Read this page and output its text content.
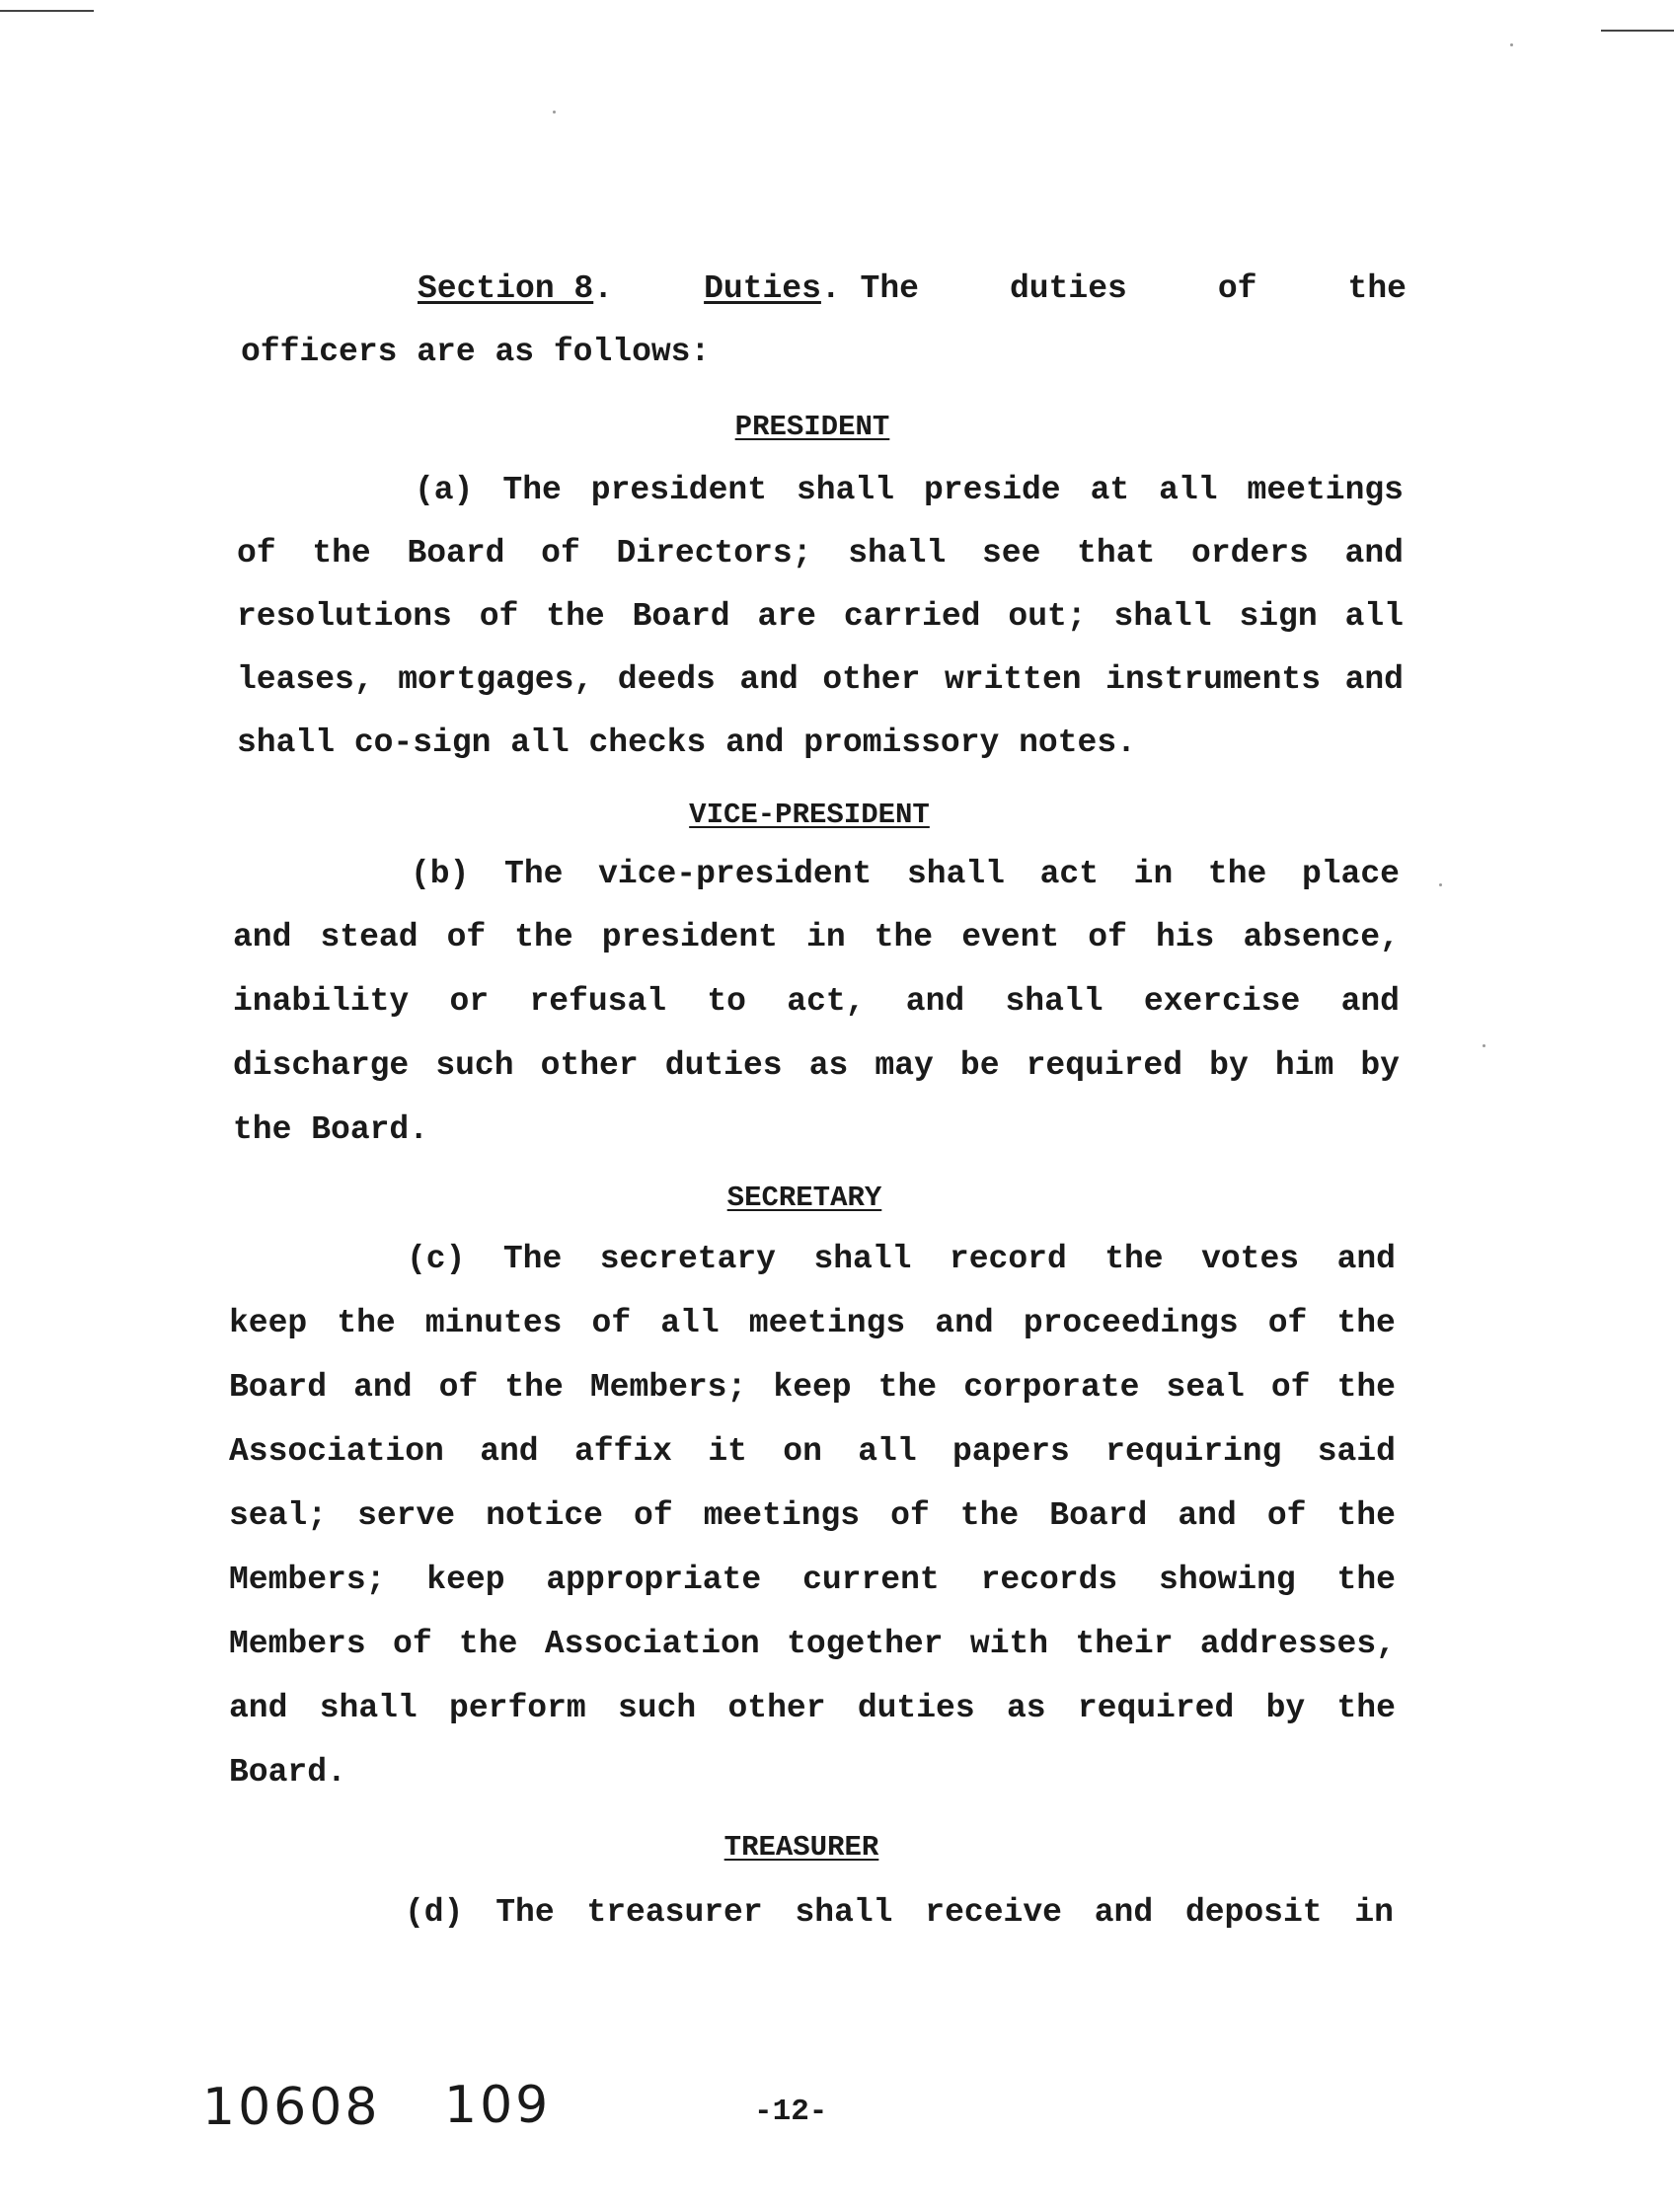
Section 8.	Duties. The	duties	of	the
officers are as follows:
PRESIDENT
(a) The president shall preside at all meetings
of the Board of Directors; shall see that orders and
resolutions of the Board are carried out; shall sign all
leases, mortgages, deeds and other written instruments and
shall co-sign all checks and promissory notes.
VICE-PRESIDENT
(b) The vice-president shall act in the place
and stead of the president in the event of his absence,
inability or refusal to act, and shall exercise and
discharge such other duties as may be required by him by
the Board.
SECRETARY
(c) The secretary shall record the votes and
keep the minutes of all meetings and proceedings of the
Board and of the Members; keep the corporate seal of the
Association and affix it on all papers requiring said
seal; serve notice of meetings of the Board and of the
Members; keep appropriate current records showing the
Members of the Association together with their addresses,
and shall perform such other duties as required by the
Board.
TREASURER
(d) The treasurer shall receive and deposit in
10608 109	-12-
